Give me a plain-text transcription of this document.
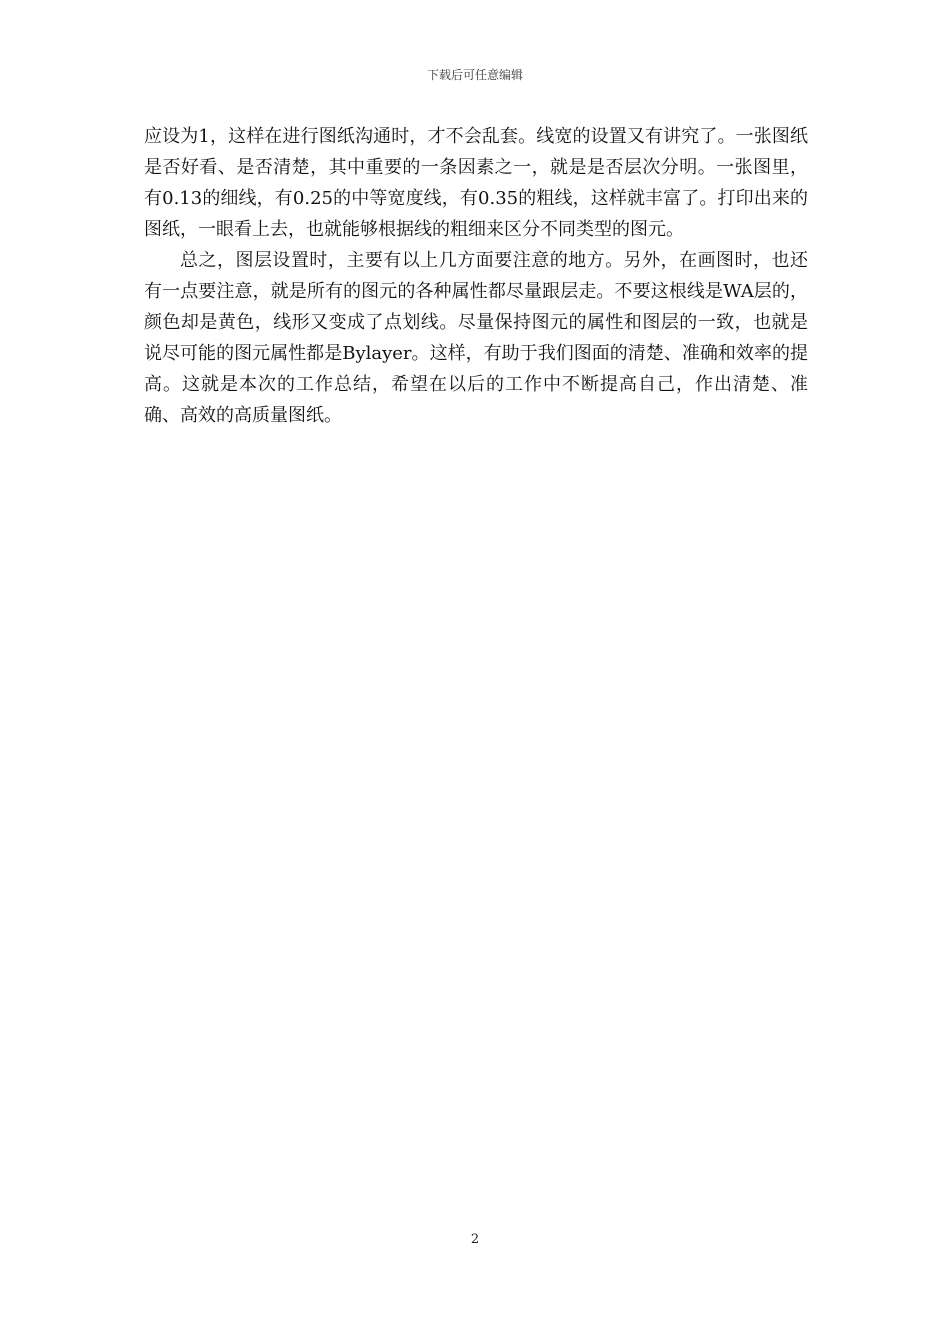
下载后可任意编辑

应设为1，这样在进行图纸沟通时，才不会乱套。线宽的设置又有讲究了。一张图纸是否好看、是否清楚，其中重要的一条因素之一，就是是否层次分明。一张图里，有0.13的细线，有0.25的中等宽度线，有0.35的粗线，这样就丰富了。打印出来的图纸，一眼看上去，也就能够根据线的粗细来区分不同类型的图元。

总之，图层设置时，主要有以上几方面要注意的地方。另外，在画图时，也还有一点要注意，就是所有的图元的各种属性都尽量跟层走。不要这根线是WA层的，颜色却是黄色，线形又变成了点划线。尽量保持图元的属性和图层的一致，也就是说尽可能的图元属性都是Bylayer。这样，有助于我们图面的清楚、准确和效率的提高。这就是本次的工作总结，希望在以后的工作中不断提高自己，作出清楚、准确、高效的高质量图纸。

2
